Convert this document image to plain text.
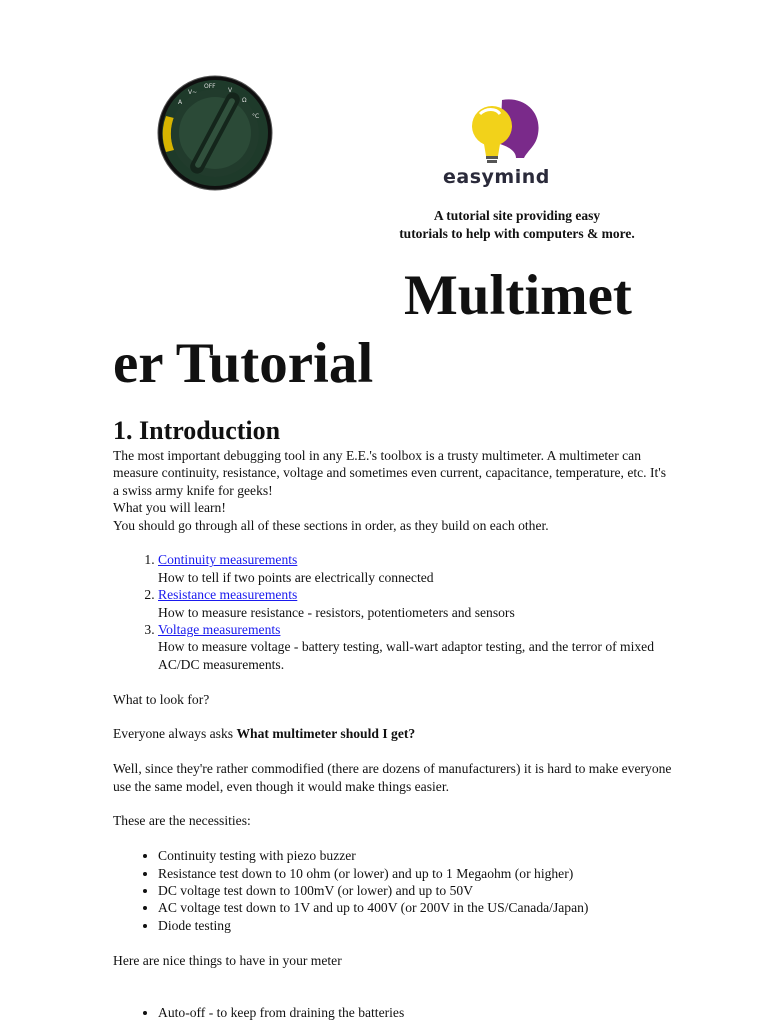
OFF
V
Ω
°C
V~
A
easymind
A tutorial site providing easy
tutorials to help with computers & more.
Multimet
er Tutorial
1. Introduction

The most important debugging tool in any E.E.'s toolbox is a trusty multimeter. A multimeter can measure continuity, resistance, voltage and sometimes even current, capacitance, temperature, etc. It's a swiss army knife for geeks!

What you will learn!

You should go through all of these sections in order, as they build on each other.

1. Continuity measurements
How to tell if two points are electrically connected
2. Resistance measurements
How to measure resistance - resistors, potentiometers and sensors
3. Voltage measurements
How to measure voltage - battery testing, wall-wart adaptor testing, and the terror of mixed AC/DC measurements.

What to look for?

Everyone always asks What multimeter should I get?

Well, since they're rather commodified (there are dozens of manufacturers) it is hard to make everyone use the same model, even though it would make things easier.

These are the necessities:

• Continuity testing with piezo buzzer
• Resistance test down to 10 ohm (or lower) and up to 1 Megaohm (or higher)
• DC voltage test down to 100mV (or lower) and up to 50V
• AC voltage test down to 1V and up to 400V (or 200V in the US/Canada/Japan)
• Diode testing

Here are nice things to have in your meter

• Auto-off - to keep from draining the batteries
